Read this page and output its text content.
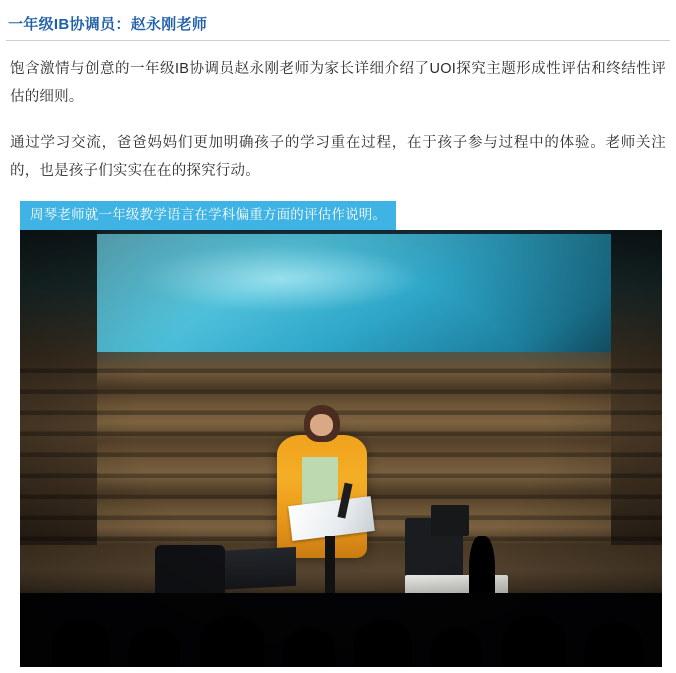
一年级IB协调员：赵永刚老师

饱含激情与创意的一年级IB协调员赵永刚老师为家长详细介绍了UOI探究主题形成性评估和终结性评估的细则。

通过学习交流，爸爸妈妈们更加明确孩子的学习重在过程，在于孩子参与过程中的体验。老师关注的，也是孩子们实实在在的探究行动。

周琴老师就一年级教学语言在学科偏重方面的评估作说明。
